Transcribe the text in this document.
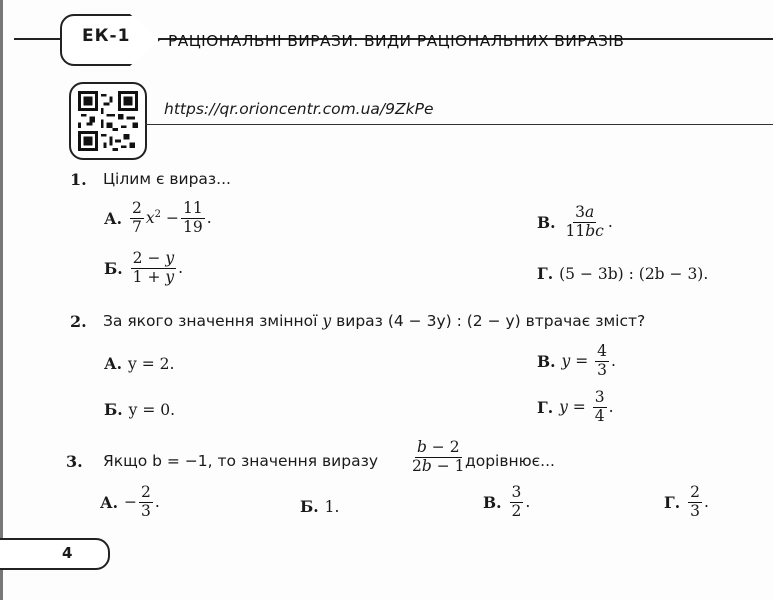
ЕК-1 РАЦІОНАЛЬНІ ВИРАЗИ. ВИДИ РАЦІОНАЛЬНИХ ВИРАЗІВ
https://qr.orioncentr.com.ua/9ZkPe
1. Цілим є вираз...
А. $\frac{2}{7} x^2 - \frac{11}{19}$ .
Б. $\frac{2 - y}{1 + y}$ .
В. $\frac{3a}{11bc}$ .
Г. (5 − 3b) : (2b − 3).
2. За якого значення змінної y вираз (4 − 3y) : (2 − y) втрачає зміст?
А. y = 2.
Б. y = 0.
В. $y = \frac{4}{3}$ .
Г. $y = \frac{3}{4}$ .
3. Якщо b = −1, то значення виразу $\frac{b - 2}{2b - 1}$
дорівнює...
А. − $\frac{2}{3}$ .	Б. 1.	В. $\frac{3}{2}$ .	Г. $\frac{2}{3}$ .
4
